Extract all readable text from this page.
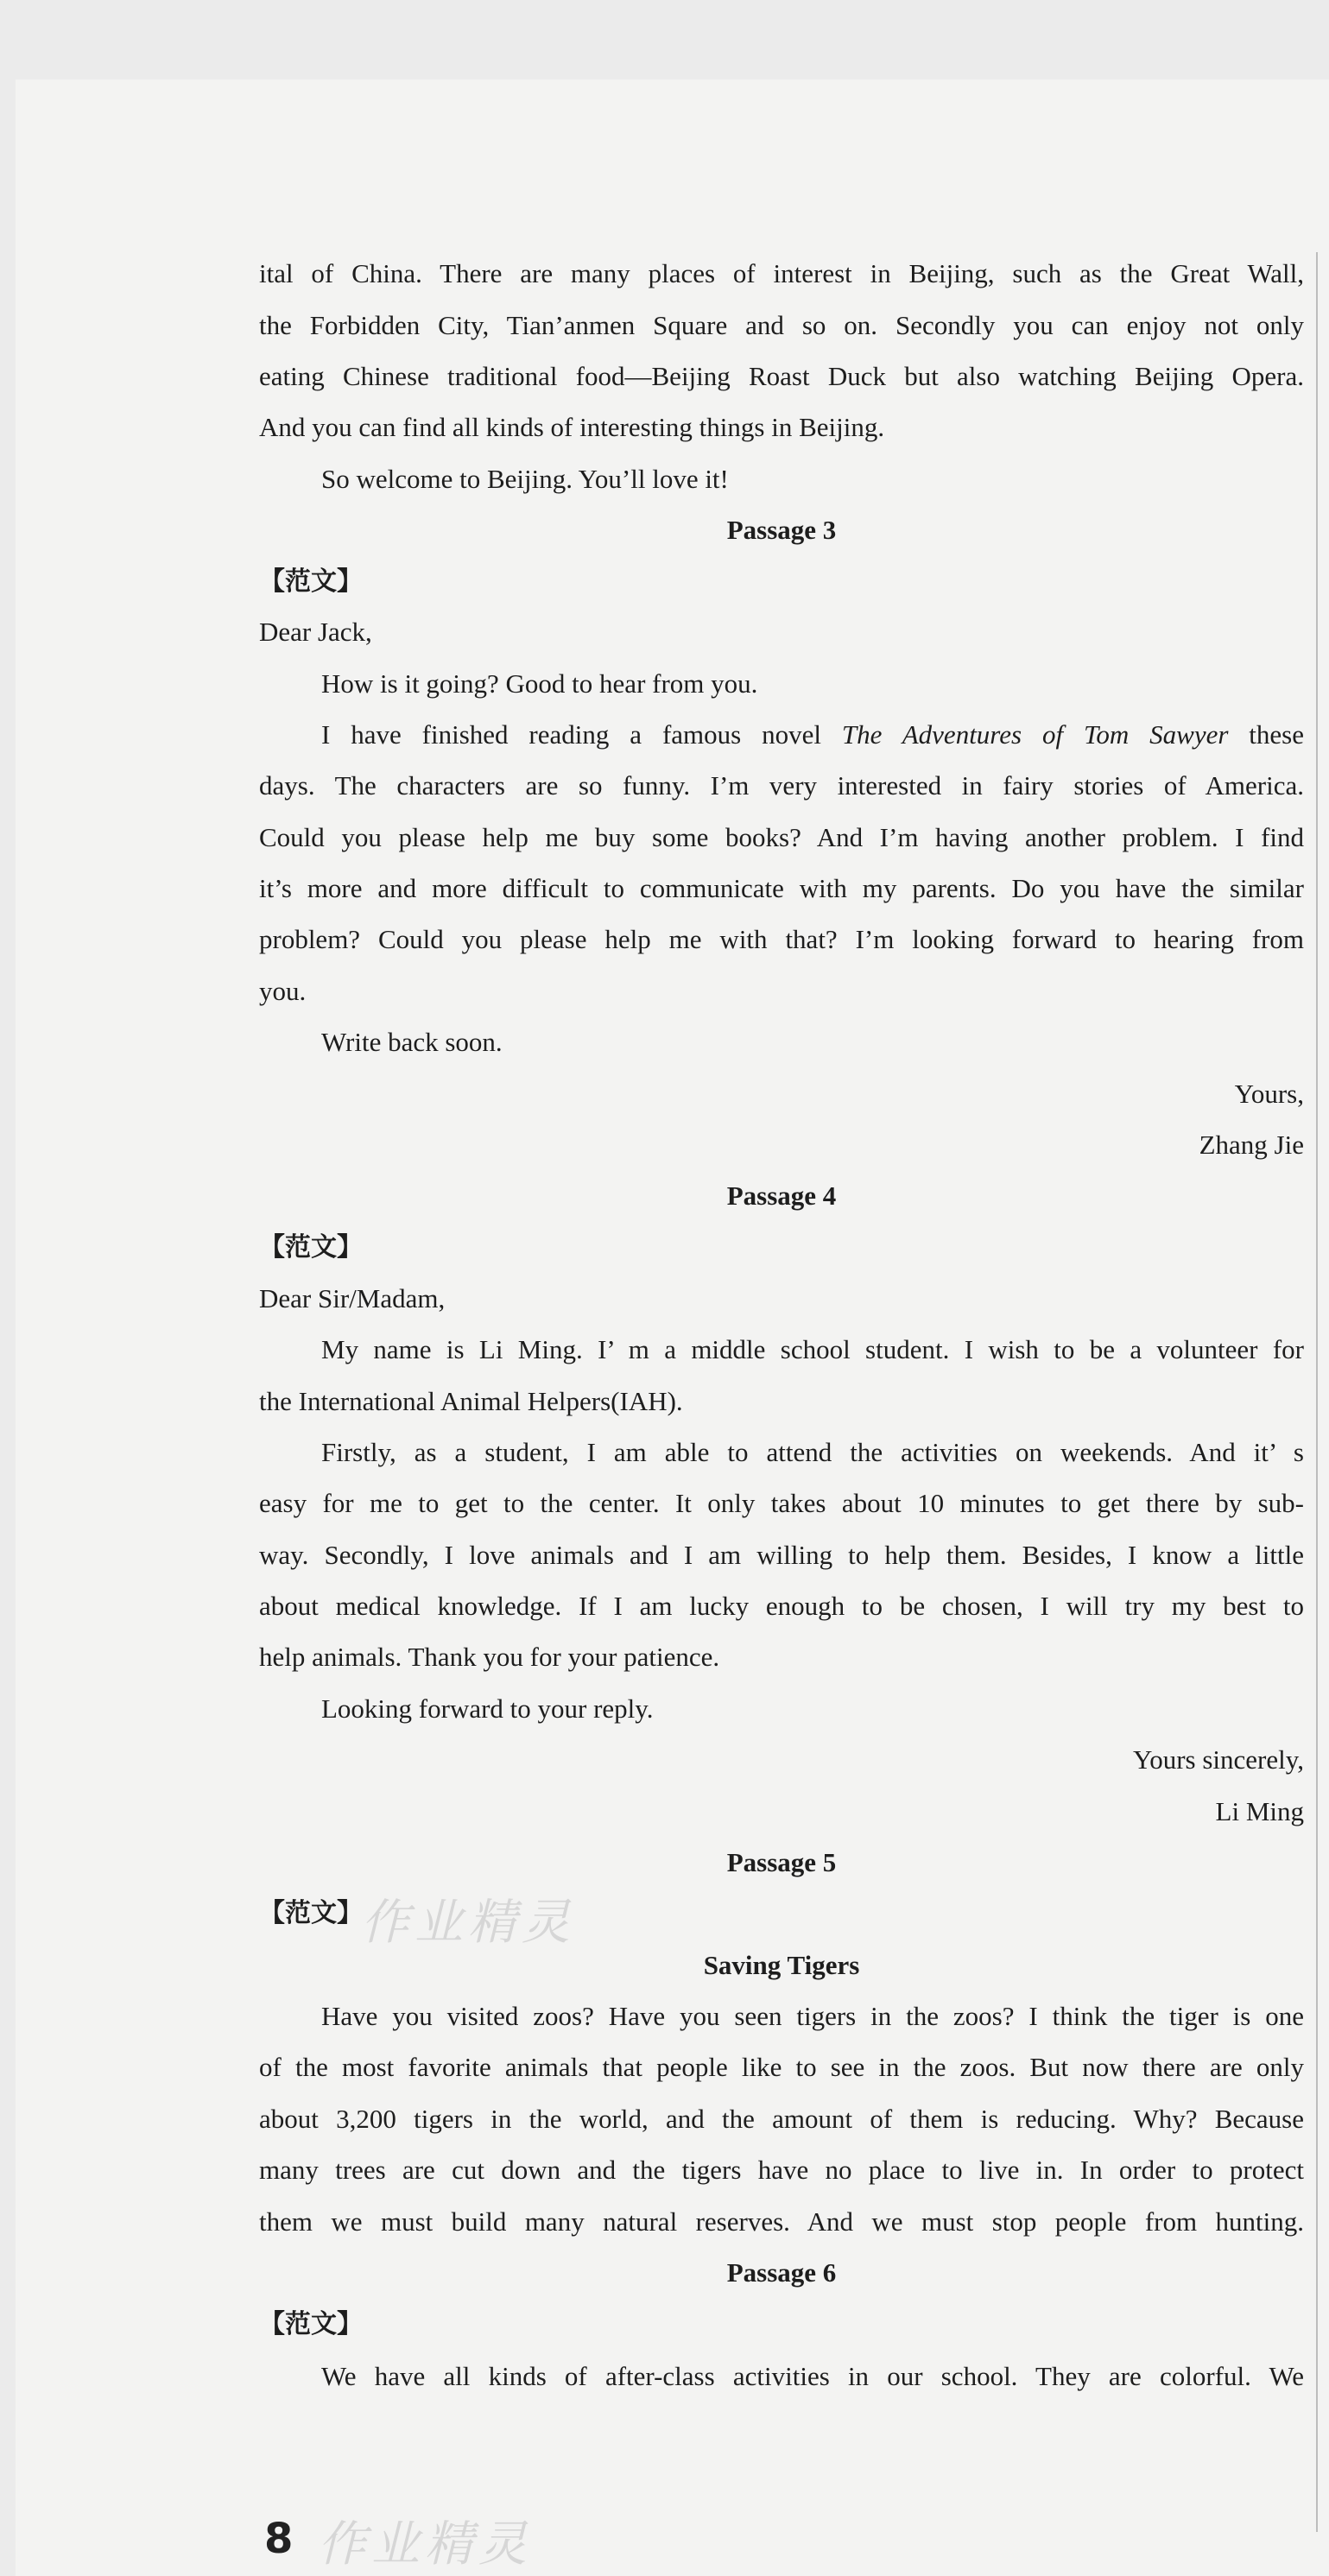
ital of China. There are many places of interest in Beijing, such as the Great Wall,
the Forbidden City, Tian’anmen Square and so on. Secondly you can enjoy not only
eating Chinese traditional food—Beijing Roast Duck but also watching Beijing Opera.
And you can find all kinds of interesting things in Beijing.
So welcome to Beijing. You’ll love it!
Passage 3
【范文】
Dear Jack,
How is it going? Good to hear from you.
I have finished reading a famous novel The Adventures of Tom Sawyer these
days. The characters are so funny. I’m very interested in fairy stories of America.
Could you please help me buy some books? And I’m having another problem. I find
it’s more and more difficult to communicate with my parents. Do you have the similar
problem? Could you please help me with that? I’m looking forward to hearing from
you.
Write back soon.
Yours,
Zhang Jie
Passage 4
【范文】
Dear Sir/Madam,
My name is Li Ming. I’ m a middle school student. I wish to be a volunteer for
the International Animal Helpers(IAH).
Firstly, as a student, I am able to attend the activities on weekends. And it’ s
easy for me to get to the center. It only takes about 10 minutes to get there by sub-
way. Secondly, I love animals and I am willing to help them. Besides, I know a little
about medical knowledge. If I am lucky enough to be chosen, I will try my best to
help animals. Thank you for your patience.
Looking forward to your reply.
Yours sincerely,
Li Ming
Passage 5
【范文】
Saving Tigers
Have you visited zoos? Have you seen tigers in the zoos? I think the tiger is one
of the most favorite animals that people like to see in the zoos. But now there are only
about 3,200 tigers in the world, and the amount of them is reducing. Why? Because
many trees are cut down and the tigers have no place to live in. In order to protect
them we must build many natural reserves. And we must stop people from hunting.
Passage 6
【范文】
We have all kinds of after-class activities in our school. They are colorful. We
作业精灵
作业精灵
8
